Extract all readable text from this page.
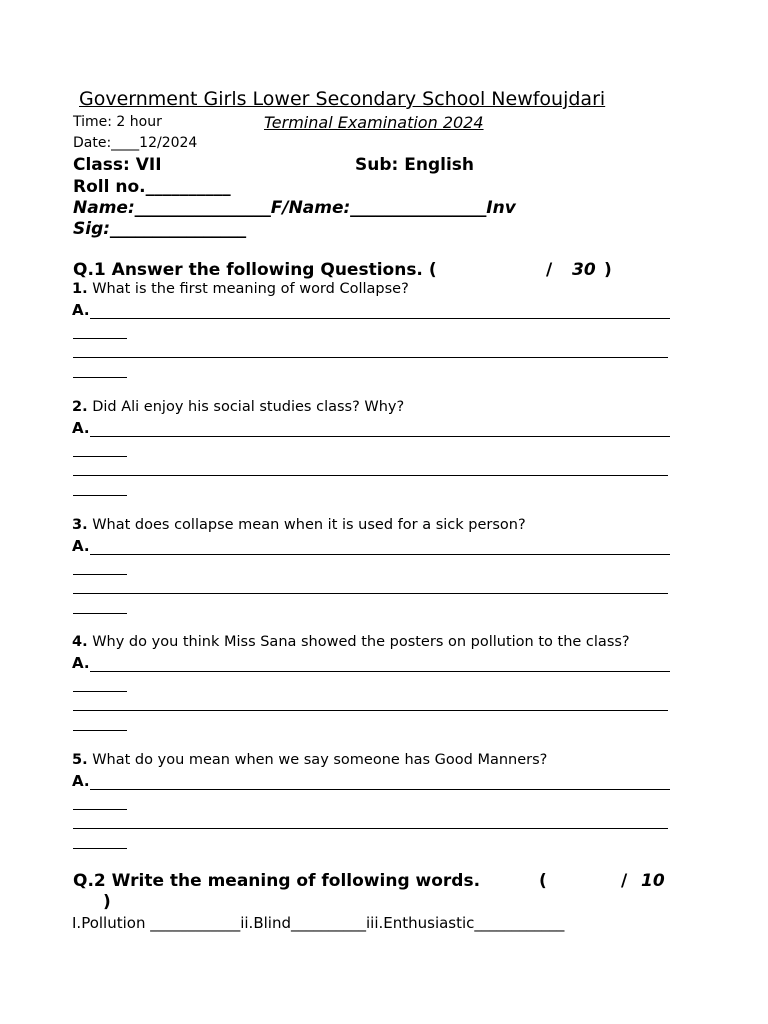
Government Girls Lower Secondary School Newfoujdari
Time: 2 hour	Terminal Examination 2024
Date:____12/2024
Class: VII	Sub: English
Roll no.__________
Name:________________F/Name:________________Inv
Sig:________________
Q.1 Answer the following Questions. (	/ 30 )
1. What is the first meaning of word Collapse?
A.
2. Did Ali enjoy his social studies class? Why?
A.
3. What does collapse mean when it is used for a sick person?
A.
4. Why do you think Miss Sana showed the posters on pollution to the class?
A.
5. What do you mean when we say someone has Good Manners?
A.
Q.2 Write the meaning of following words.	(	/ 10
)
I.Pollution ____________ii.Blind__________iii.Enthusiastic____________
